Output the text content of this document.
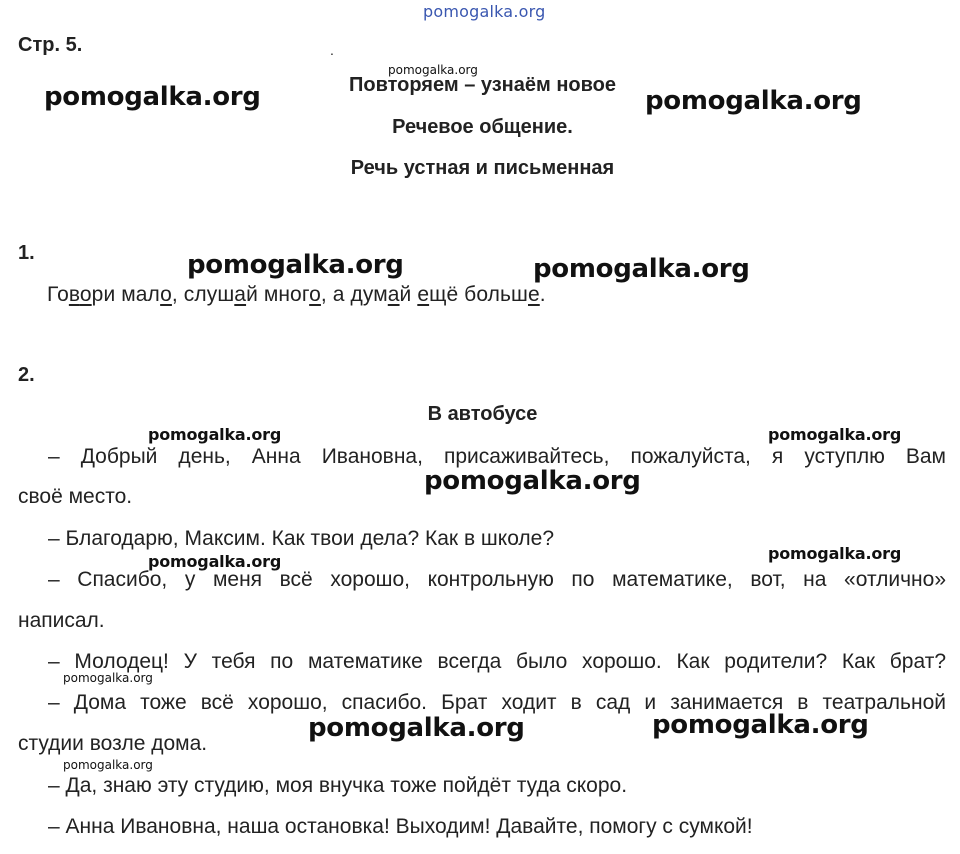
pomogalka.org
Стр. 5.	.
Повторяем – узнаём новое
Речевое общение.
Речь устная и письменная
1.
Говори мало, слушай много, а думай ещё больше.
2.
В автобусе
– Добрый день, Анна Ивановна, присаживайтесь, пожалуйста, я уступлю Вам
своё место.
– Благодарю, Максим. Как твои дела? Как в школе?
– Спасибо, у меня всё хорошо, контрольную по математике, вот, на «отлично»
написал.
– Молодец! У тебя по математике всегда было хорошо. Как родители? Как брат?
– Дома тоже всё хорошо, спасибо. Брат ходит в сад и занимается в театральной
студии возле дома.
– Да, знаю эту студию, моя внучка тоже пойдёт туда скоро.
– Анна Ивановна, наша остановка! Выходим! Давайте, помогу с сумкой!
pomogalka.org
pomogalka.org
pomogalka.org
pomogalka.org	pomogalka.org
pomogalka.org	pomogalka.org
pomogalka.org
pomogalka.org	pomogalka.org
pomogalka.org
pomogalka.org	pomogalka.org
pomogalka.org
